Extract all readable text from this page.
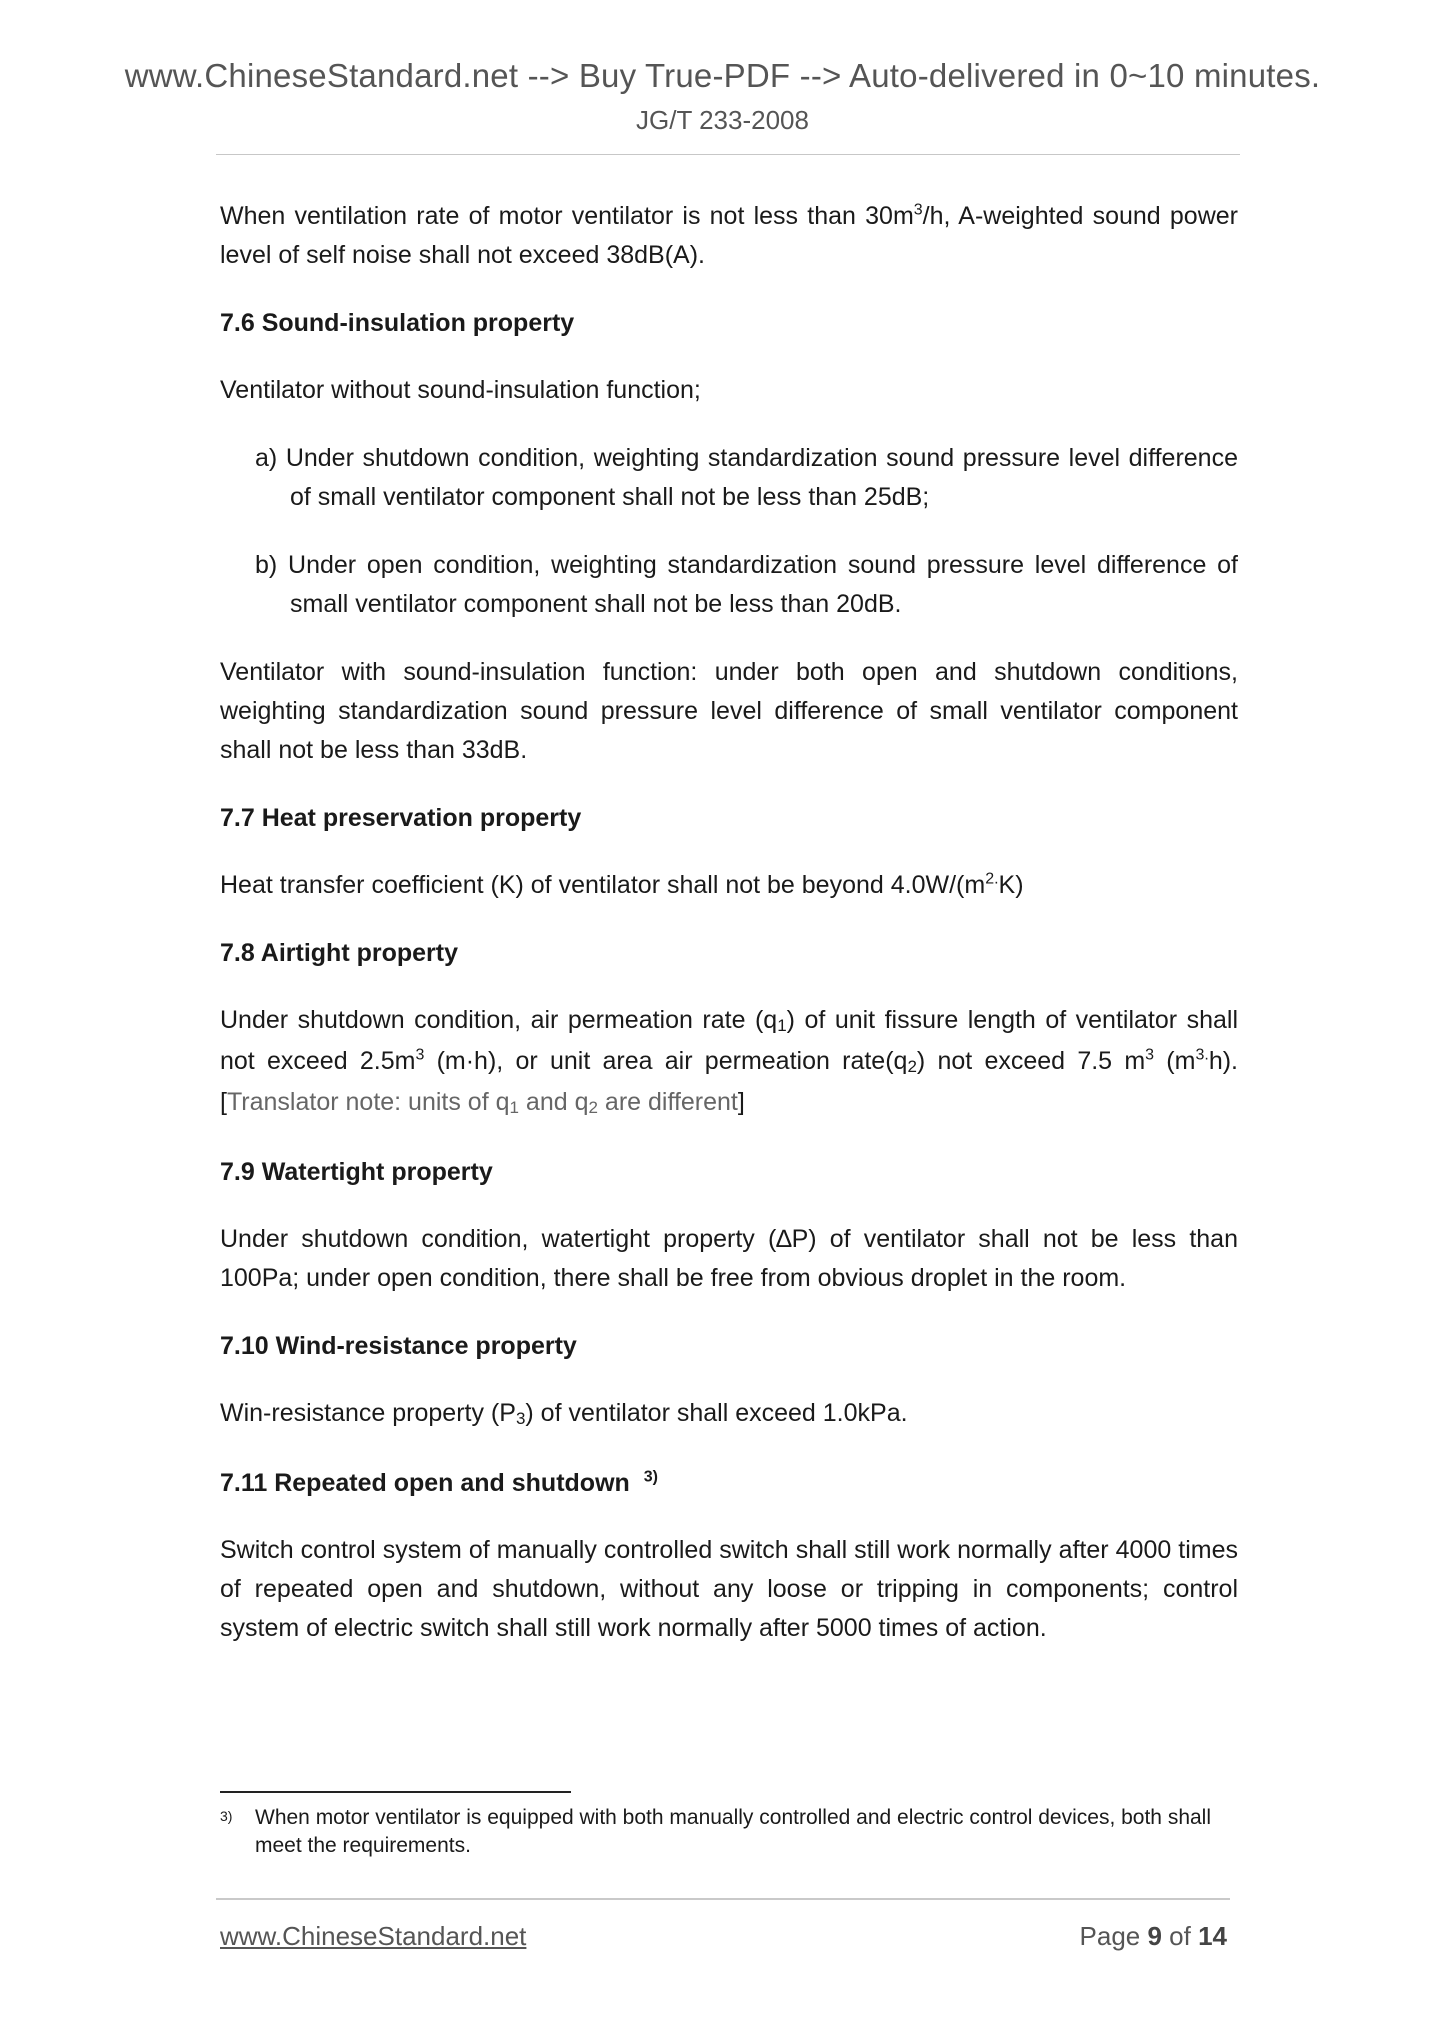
www.ChineseStandard.net --> Buy True-PDF --> Auto-delivered in 0~10 minutes.
JG/T 233-2008

When ventilation rate of motor ventilator is not less than $30m^3/h$, A-weighted sound power level of self noise shall not exceed 38dB(A).

7.6 Sound-insulation property

Ventilator without sound-insulation function;

a) Under shutdown condition, weighting standardization sound pressure level difference of small ventilator component shall not be less than 25dB;

b) Under open condition, weighting standardization sound pressure level difference of small ventilator component shall not be less than 20dB.

Ventilator with sound-insulation function: under both open and shutdown conditions, weighting standardization sound pressure level difference of small ventilator component shall not be less than 33dB.

7.7 Heat preservation property

Heat transfer coefficient (K) of ventilator shall not be beyond $4.0W/(m^{2.}K)$

7.8 Airtight property

Under shutdown condition, air permeation rate (q1) of unit fissure length of ventilator shall not exceed $2.5m^3$ (m·h), or unit area air permeation rate(q2) not exceed 7.5 $m^3$ $(m^{3.}h)$. [Translator note: units of q1 and q2 are different]

7.9 Watertight property

Under shutdown condition, watertight property (∆P) of ventilator shall not be less than 100Pa; under open condition, there shall be free from obvious droplet in the room.

7.10 Wind-resistance property

Win-resistance property (P3) of ventilator shall exceed 1.0kPa.

7.11 Repeated open and shutdown $^{3)}$

Switch control system of manually controlled switch shall still work normally after 4000 times of repeated open and shutdown, without any loose or tripping in components; control system of electric switch shall still work normally after 5000 times of action.

3) When motor ventilator is equipped with both manually controlled and electric control devices, both shall meet the requirements.
www.ChineseStandard.net	Page 9 of 14
